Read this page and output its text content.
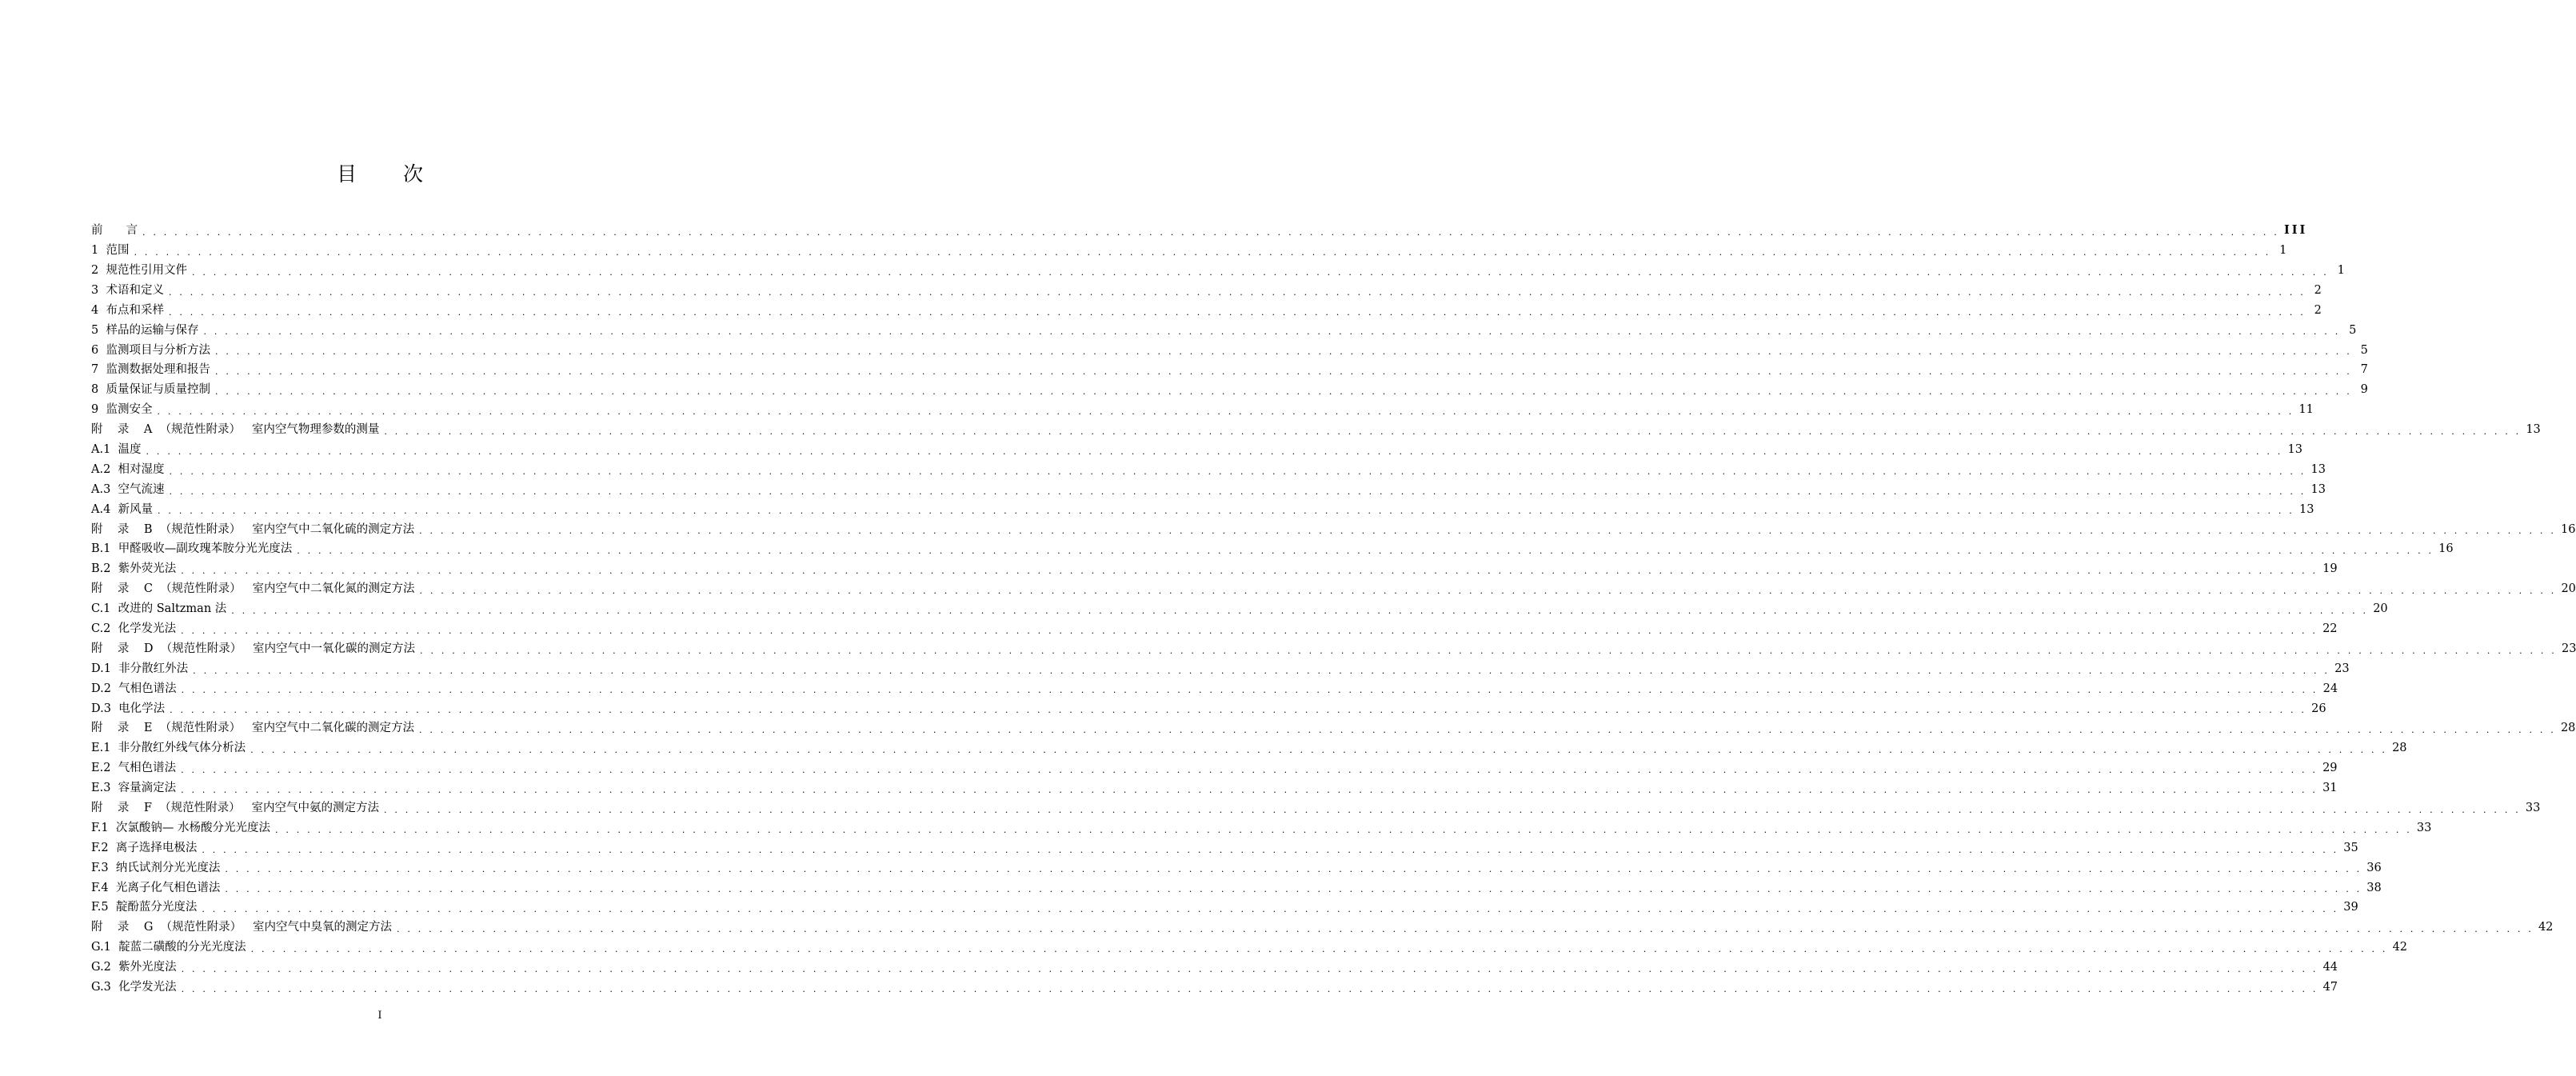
目 次
前　　言 . . . . . . . . . . . . . . . . . . . . . . . . . . . . . . . . . . . . . . . . . . . . . . . . . . . . . . . . . . . . . . . . . . . . . . . . . . . . . . . . . . . . . . . . . . . . . . . . . . . . . . . . . . . . . . . . . . . . . . . . . . . . . . . . . . . . . . . . . . . . . . . . . . . . . . . . . . . . . . . . . . . . . . . . . . . . . . . . . . . . . . . . . . . . . . . . . . . . . . . . III
1  范围 . . . . . . . . . . . . . . . . . . . . . . . . . . . . . . . . . . . . . . . . . . . . . . . . . . . . . . . . . . . . . . . . . . . . . . . . . . . . . . . . . . . . . . . . . . . . . . . . . . . . . . . . . . . . . . . . . . . . . . . . . . . . . . . . . . . . . . . . . . . . . . . . . . . . . . . . . . . . . . . . . . . . . . . . . . . . . . . . . . . . . . . . . . . . . . . . . . . . . . . . 1
2  规范性引用文件 . . . . . . . . . . . . . . . . . . . . . . . . . . . . . . . . . . . . . . . . . . . . . . . . . . . . . . . . . . . . . . . . . . . . . . . . . . . . . . . . . . . . . . . . . . . . . . . . . . . . . . . . . . . . . . . . . . . . . . . . . . . . . . . . . . . . . . . . . . . . . . . . . . . . . . . . . . . . . . . . . . . . . . . . . . . . . . . . . . . . . . . . . . . . . . . . . . . . . . . . 1
3  术语和定义 . . . . . . . . . . . . . . . . . . . . . . . . . . . . . . . . . . . . . . . . . . . . . . . . . . . . . . . . . . . . . . . . . . . . . . . . . . . . . . . . . . . . . . . . . . . . . . . . . . . . . . . . . . . . . . . . . . . . . . . . . . . . . . . . . . . . . . . . . . . . . . . . . . . . . . . . . . . . . . . . . . . . . . . . . . . . . . . . . . . . . . . . . . . . . . . . . . . . . . . . 2
4  布点和采样 . . . . . . . . . . . . . . . . . . . . . . . . . . . . . . . . . . . . . . . . . . . . . . . . . . . . . . . . . . . . . . . . . . . . . . . . . . . . . . . . . . . . . . . . . . . . . . . . . . . . . . . . . . . . . . . . . . . . . . . . . . . . . . . . . . . . . . . . . . . . . . . . . . . . . . . . . . . . . . . . . . . . . . . . . . . . . . . . . . . . . . . . . . . . . . . . . . . . . . . . 2
5  样品的运输与保存 . . . . . . . . . . . . . . . . . . . . . . . . . . . . . . . . . . . . . . . . . . . . . . . . . . . . . . . . . . . . . . . . . . . . . . . . . . . . . . . . . . . . . . . . . . . . . . . . . . . . . . . . . . . . . . . . . . . . . . . . . . . . . . . . . . . . . . . . . . . . . . . . . . . . . . . . . . . . . . . . . . . . . . . . . . . . . . . . . . . . . . . . . . . . . . . . . . . . . . . . 5
6  监测项目与分析方法 . . . . . . . . . . . . . . . . . . . . . . . . . . . . . . . . . . . . . . . . . . . . . . . . . . . . . . . . . . . . . . . . . . . . . . . . . . . . . . . . . . . . . . . . . . . . . . . . . . . . . . . . . . . . . . . . . . . . . . . . . . . . . . . . . . . . . . . . . . . . . . . . . . . . . . . . . . . . . . . . . . . . . . . . . . . . . . . . . . . . . . . . . . . . . . . . . . . . . . . . 5
7  监测数据处理和报告 . . . . . . . . . . . . . . . . . . . . . . . . . . . . . . . . . . . . . . . . . . . . . . . . . . . . . . . . . . . . . . . . . . . . . . . . . . . . . . . . . . . . . . . . . . . . . . . . . . . . . . . . . . . . . . . . . . . . . . . . . . . . . . . . . . . . . . . . . . . . . . . . . . . . . . . . . . . . . . . . . . . . . . . . . . . . . . . . . . . . . . . . . . . . . . . . . . . . . . . . 7
8  质量保证与质量控制 . . . . . . . . . . . . . . . . . . . . . . . . . . . . . . . . . . . . . . . . . . . . . . . . . . . . . . . . . . . . . . . . . . . . . . . . . . . . . . . . . . . . . . . . . . . . . . . . . . . . . . . . . . . . . . . . . . . . . . . . . . . . . . . . . . . . . . . . . . . . . . . . . . . . . . . . . . . . . . . . . . . . . . . . . . . . . . . . . . . . . . . . . . . . . . . . . . . . . . . . 9
9  监测安全 . . . . . . . . . . . . . . . . . . . . . . . . . . . . . . . . . . . . . . . . . . . . . . . . . . . . . . . . . . . . . . . . . . . . . . . . . . . . . . . . . . . . . . . . . . . . . . . . . . . . . . . . . . . . . . . . . . . . . . . . . . . . . . . . . . . . . . . . . . . . . . . . . . . . . . . . . . . . . . . . . . . . . . . . . . . . . . . . . . . . . . . . . . . . . . . . . . . . . . . . 11
附    录    A  （规范性附录）   室内空气物理参数的测量 . . . . . . . . . . . . . . . . . . . . . . . . . . . . . . . . . . . . . . . . . . . . . . . . . . . . . . . . . . . . . . . . . . . . . . . . . . . . . . . . . . . . . . . . . . . . . . . . . . . . . . . . . . . . . . . . . . . . . . . . . . . . . . . . . . . . . . . . . . . . . . . . . . . . . . . . . . . . . . . . . . . . . . . . . . . . . . . . . . . . . . . . . . . . . . . . . . . . . . . . 13
A.1  温度 . . . . . . . . . . . . . . . . . . . . . . . . . . . . . . . . . . . . . . . . . . . . . . . . . . . . . . . . . . . . . . . . . . . . . . . . . . . . . . . . . . . . . . . . . . . . . . . . . . . . . . . . . . . . . . . . . . . . . . . . . . . . . . . . . . . . . . . . . . . . . . . . . . . . . . . . . . . . . . . . . . . . . . . . . . . . . . . . . . . . . . . . . . . . . . . . . . . . . . . . 13
A.2  相对湿度 . . . . . . . . . . . . . . . . . . . . . . . . . . . . . . . . . . . . . . . . . . . . . . . . . . . . . . . . . . . . . . . . . . . . . . . . . . . . . . . . . . . . . . . . . . . . . . . . . . . . . . . . . . . . . . . . . . . . . . . . . . . . . . . . . . . . . . . . . . . . . . . . . . . . . . . . . . . . . . . . . . . . . . . . . . . . . . . . . . . . . . . . . . . . . . . . . . . . . . . . 13
A.3  空气流速 . . . . . . . . . . . . . . . . . . . . . . . . . . . . . . . . . . . . . . . . . . . . . . . . . . . . . . . . . . . . . . . . . . . . . . . . . . . . . . . . . . . . . . . . . . . . . . . . . . . . . . . . . . . . . . . . . . . . . . . . . . . . . . . . . . . . . . . . . . . . . . . . . . . . . . . . . . . . . . . . . . . . . . . . . . . . . . . . . . . . . . . . . . . . . . . . . . . . . . . . 13
A.4  新风量 . . . . . . . . . . . . . . . . . . . . . . . . . . . . . . . . . . . . . . . . . . . . . . . . . . . . . . . . . . . . . . . . . . . . . . . . . . . . . . . . . . . . . . . . . . . . . . . . . . . . . . . . . . . . . . . . . . . . . . . . . . . . . . . . . . . . . . . . . . . . . . . . . . . . . . . . . . . . . . . . . . . . . . . . . . . . . . . . . . . . . . . . . . . . . . . . . . . . . . . . 13
附    录    B  （规范性附录）   室内空气中二氧化硫的测定方法 . . . . . . . . . . . . . . . . . . . . . . . . . . . . . . . . . . . . . . . . . . . . . . . . . . . . . . . . . . . . . . . . . . . . . . . . . . . . . . . . . . . . . . . . . . . . . . . . . . . . . . . . . . . . . . . . . . . . . . . . . . . . . . . . . . . . . . . . . . . . . . . . . . . . . . . . . . . . . . . . . . . . . . . . . . . . . . . . . . . . . . . . . . . . . . . . . . . . . . . . 16
B.1  甲醛吸收—副玫瑰苯胺分光光度法 . . . . . . . . . . . . . . . . . . . . . . . . . . . . . . . . . . . . . . . . . . . . . . . . . . . . . . . . . . . . . . . . . . . . . . . . . . . . . . . . . . . . . . . . . . . . . . . . . . . . . . . . . . . . . . . . . . . . . . . . . . . . . . . . . . . . . . . . . . . . . . . . . . . . . . . . . . . . . . . . . . . . . . . . . . . . . . . . . . . . . . . . . . . . . . . . . . . . . . . . 16
B.2  紫外荧光法 . . . . . . . . . . . . . . . . . . . . . . . . . . . . . . . . . . . . . . . . . . . . . . . . . . . . . . . . . . . . . . . . . . . . . . . . . . . . . . . . . . . . . . . . . . . . . . . . . . . . . . . . . . . . . . . . . . . . . . . . . . . . . . . . . . . . . . . . . . . . . . . . . . . . . . . . . . . . . . . . . . . . . . . . . . . . . . . . . . . . . . . . . . . . . . . . . . . . . . . . 19
附    录    C  （规范性附录）   室内空气中二氧化氮的测定方法 . . . . . . . . . . . . . . . . . . . . . . . . . . . . . . . . . . . . . . . . . . . . . . . . . . . . . . . . . . . . . . . . . . . . . . . . . . . . . . . . . . . . . . . . . . . . . . . . . . . . . . . . . . . . . . . . . . . . . . . . . . . . . . . . . . . . . . . . . . . . . . . . . . . . . . . . . . . . . . . . . . . . . . . . . . . . . . . . . . . . . . . . . . . . . . . . . . . . . . . . 20
C.1  改进的 Saltzman 法 . . . . . . . . . . . . . . . . . . . . . . . . . . . . . . . . . . . . . . . . . . . . . . . . . . . . . . . . . . . . . . . . . . . . . . . . . . . . . . . . . . . . . . . . . . . . . . . . . . . . . . . . . . . . . . . . . . . . . . . . . . . . . . . . . . . . . . . . . . . . . . . . . . . . . . . . . . . . . . . . . . . . . . . . . . . . . . . . . . . . . . . . . . . . . . . . . . . . . . . . 20
C.2  化学发光法 . . . . . . . . . . . . . . . . . . . . . . . . . . . . . . . . . . . . . . . . . . . . . . . . . . . . . . . . . . . . . . . . . . . . . . . . . . . . . . . . . . . . . . . . . . . . . . . . . . . . . . . . . . . . . . . . . . . . . . . . . . . . . . . . . . . . . . . . . . . . . . . . . . . . . . . . . . . . . . . . . . . . . . . . . . . . . . . . . . . . . . . . . . . . . . . . . . . . . . . . 22
附    录    D  （规范性附录）   室内空气中一氧化碳的测定方法 . . . . . . . . . . . . . . . . . . . . . . . . . . . . . . . . . . . . . . . . . . . . . . . . . . . . . . . . . . . . . . . . . . . . . . . . . . . . . . . . . . . . . . . . . . . . . . . . . . . . . . . . . . . . . . . . . . . . . . . . . . . . . . . . . . . . . . . . . . . . . . . . . . . . . . . . . . . . . . . . . . . . . . . . . . . . . . . . . . . . . . . . . . . . . . . . . . . . . . . . 23
D.1  非分散红外法 . . . . . . . . . . . . . . . . . . . . . . . . . . . . . . . . . . . . . . . . . . . . . . . . . . . . . . . . . . . . . . . . . . . . . . . . . . . . . . . . . . . . . . . . . . . . . . . . . . . . . . . . . . . . . . . . . . . . . . . . . . . . . . . . . . . . . . . . . . . . . . . . . . . . . . . . . . . . . . . . . . . . . . . . . . . . . . . . . . . . . . . . . . . . . . . . . . . . . . . . 23
D.2  气相色谱法 . . . . . . . . . . . . . . . . . . . . . . . . . . . . . . . . . . . . . . . . . . . . . . . . . . . . . . . . . . . . . . . . . . . . . . . . . . . . . . . . . . . . . . . . . . . . . . . . . . . . . . . . . . . . . . . . . . . . . . . . . . . . . . . . . . . . . . . . . . . . . . . . . . . . . . . . . . . . . . . . . . . . . . . . . . . . . . . . . . . . . . . . . . . . . . . . . . . . . . . . 24
D.3  电化学法 . . . . . . . . . . . . . . . . . . . . . . . . . . . . . . . . . . . . . . . . . . . . . . . . . . . . . . . . . . . . . . . . . . . . . . . . . . . . . . . . . . . . . . . . . . . . . . . . . . . . . . . . . . . . . . . . . . . . . . . . . . . . . . . . . . . . . . . . . . . . . . . . . . . . . . . . . . . . . . . . . . . . . . . . . . . . . . . . . . . . . . . . . . . . . . . . . . . . . . . . 26
附    录    E  （规范性附录）   室内空气中二氧化碳的测定方法 . . . . . . . . . . . . . . . . . . . . . . . . . . . . . . . . . . . . . . . . . . . . . . . . . . . . . . . . . . . . . . . . . . . . . . . . . . . . . . . . . . . . . . . . . . . . . . . . . . . . . . . . . . . . . . . . . . . . . . . . . . . . . . . . . . . . . . . . . . . . . . . . . . . . . . . . . . . . . . . . . . . . . . . . . . . . . . . . . . . . . . . . . . . . . . . . . . . . . . . . 28
E.1  非分散红外线气体分析法 . . . . . . . . . . . . . . . . . . . . . . . . . . . . . . . . . . . . . . . . . . . . . . . . . . . . . . . . . . . . . . . . . . . . . . . . . . . . . . . . . . . . . . . . . . . . . . . . . . . . . . . . . . . . . . . . . . . . . . . . . . . . . . . . . . . . . . . . . . . . . . . . . . . . . . . . . . . . . . . . . . . . . . . . . . . . . . . . . . . . . . . . . . . . . . . . . . . . . . . . 28
E.2  气相色谱法 . . . . . . . . . . . . . . . . . . . . . . . . . . . . . . . . . . . . . . . . . . . . . . . . . . . . . . . . . . . . . . . . . . . . . . . . . . . . . . . . . . . . . . . . . . . . . . . . . . . . . . . . . . . . . . . . . . . . . . . . . . . . . . . . . . . . . . . . . . . . . . . . . . . . . . . . . . . . . . . . . . . . . . . . . . . . . . . . . . . . . . . . . . . . . . . . . . . . . . . . 29
E.3  容量滴定法 . . . . . . . . . . . . . . . . . . . . . . . . . . . . . . . . . . . . . . . . . . . . . . . . . . . . . . . . . . . . . . . . . . . . . . . . . . . . . . . . . . . . . . . . . . . . . . . . . . . . . . . . . . . . . . . . . . . . . . . . . . . . . . . . . . . . . . . . . . . . . . . . . . . . . . . . . . . . . . . . . . . . . . . . . . . . . . . . . . . . . . . . . . . . . . . . . . . . . . . . 31
附    录    F  （规范性附录）   室内空气中氨的测定方法 . . . . . . . . . . . . . . . . . . . . . . . . . . . . . . . . . . . . . . . . . . . . . . . . . . . . . . . . . . . . . . . . . . . . . . . . . . . . . . . . . . . . . . . . . . . . . . . . . . . . . . . . . . . . . . . . . . . . . . . . . . . . . . . . . . . . . . . . . . . . . . . . . . . . . . . . . . . . . . . . . . . . . . . . . . . . . . . . . . . . . . . . . . . . . . . . . . . . . . . . 33
F.1  次氯酸钠— 水杨酸分光光度法 . . . . . . . . . . . . . . . . . . . . . . . . . . . . . . . . . . . . . . . . . . . . . . . . . . . . . . . . . . . . . . . . . . . . . . . . . . . . . . . . . . . . . . . . . . . . . . . . . . . . . . . . . . . . . . . . . . . . . . . . . . . . . . . . . . . . . . . . . . . . . . . . . . . . . . . . . . . . . . . . . . . . . . . . . . . . . . . . . . . . . . . . . . . . . . . . . . . . . . . . 33
F.2  离子选择电极法 . . . . . . . . . . . . . . . . . . . . . . . . . . . . . . . . . . . . . . . . . . . . . . . . . . . . . . . . . . . . . . . . . . . . . . . . . . . . . . . . . . . . . . . . . . . . . . . . . . . . . . . . . . . . . . . . . . . . . . . . . . . . . . . . . . . . . . . . . . . . . . . . . . . . . . . . . . . . . . . . . . . . . . . . . . . . . . . . . . . . . . . . . . . . . . . . . . . . . . . . 35
F.3  纳氏试剂分光光度法 . . . . . . . . . . . . . . . . . . . . . . . . . . . . . . . . . . . . . . . . . . . . . . . . . . . . . . . . . . . . . . . . . . . . . . . . . . . . . . . . . . . . . . . . . . . . . . . . . . . . . . . . . . . . . . . . . . . . . . . . . . . . . . . . . . . . . . . . . . . . . . . . . . . . . . . . . . . . . . . . . . . . . . . . . . . . . . . . . . . . . . . . . . . . . . . . . . . . . . . . 36
F.4  光离子化气相色谱法 . . . . . . . . . . . . . . . . . . . . . . . . . . . . . . . . . . . . . . . . . . . . . . . . . . . . . . . . . . . . . . . . . . . . . . . . . . . . . . . . . . . . . . . . . . . . . . . . . . . . . . . . . . . . . . . . . . . . . . . . . . . . . . . . . . . . . . . . . . . . . . . . . . . . . . . . . . . . . . . . . . . . . . . . . . . . . . . . . . . . . . . . . . . . . . . . . . . . . . . . 38
F.5  靛酚蓝分光度法 . . . . . . . . . . . . . . . . . . . . . . . . . . . . . . . . . . . . . . . . . . . . . . . . . . . . . . . . . . . . . . . . . . . . . . . . . . . . . . . . . . . . . . . . . . . . . . . . . . . . . . . . . . . . . . . . . . . . . . . . . . . . . . . . . . . . . . . . . . . . . . . . . . . . . . . . . . . . . . . . . . . . . . . . . . . . . . . . . . . . . . . . . . . . . . . . . . . . . . . . 39
附    录    G  （规范性附录）   室内空气中臭氧的测定方法 . . . . . . . . . . . . . . . . . . . . . . . . . . . . . . . . . . . . . . . . . . . . . . . . . . . . . . . . . . . . . . . . . . . . . . . . . . . . . . . . . . . . . . . . . . . . . . . . . . . . . . . . . . . . . . . . . . . . . . . . . . . . . . . . . . . . . . . . . . . . . . . . . . . . . . . . . . . . . . . . . . . . . . . . . . . . . . . . . . . . . . . . . . . . . . . . . . . . . . . . 42
G.1  靛蓝二磺酸的分光光度法 . . . . . . . . . . . . . . . . . . . . . . . . . . . . . . . . . . . . . . . . . . . . . . . . . . . . . . . . . . . . . . . . . . . . . . . . . . . . . . . . . . . . . . . . . . . . . . . . . . . . . . . . . . . . . . . . . . . . . . . . . . . . . . . . . . . . . . . . . . . . . . . . . . . . . . . . . . . . . . . . . . . . . . . . . . . . . . . . . . . . . . . . . . . . . . . . . . . . . . . . 42
G.2  紫外光度法 . . . . . . . . . . . . . . . . . . . . . . . . . . . . . . . . . . . . . . . . . . . . . . . . . . . . . . . . . . . . . . . . . . . . . . . . . . . . . . . . . . . . . . . . . . . . . . . . . . . . . . . . . . . . . . . . . . . . . . . . . . . . . . . . . . . . . . . . . . . . . . . . . . . . . . . . . . . . . . . . . . . . . . . . . . . . . . . . . . . . . . . . . . . . . . . . . . . . . . . . 44
G.3  化学发光法 . . . . . . . . . . . . . . . . . . . . . . . . . . . . . . . . . . . . . . . . . . . . . . . . . . . . . . . . . . . . . . . . . . . . . . . . . . . . . . . . . . . . . . . . . . . . . . . . . . . . . . . . . . . . . . . . . . . . . . . . . . . . . . . . . . . . . . . . . . . . . . . . . . . . . . . . . . . . . . . . . . . . . . . . . . . . . . . . . . . . . . . . . . . . . . . . . . . . . . . . 47
I
